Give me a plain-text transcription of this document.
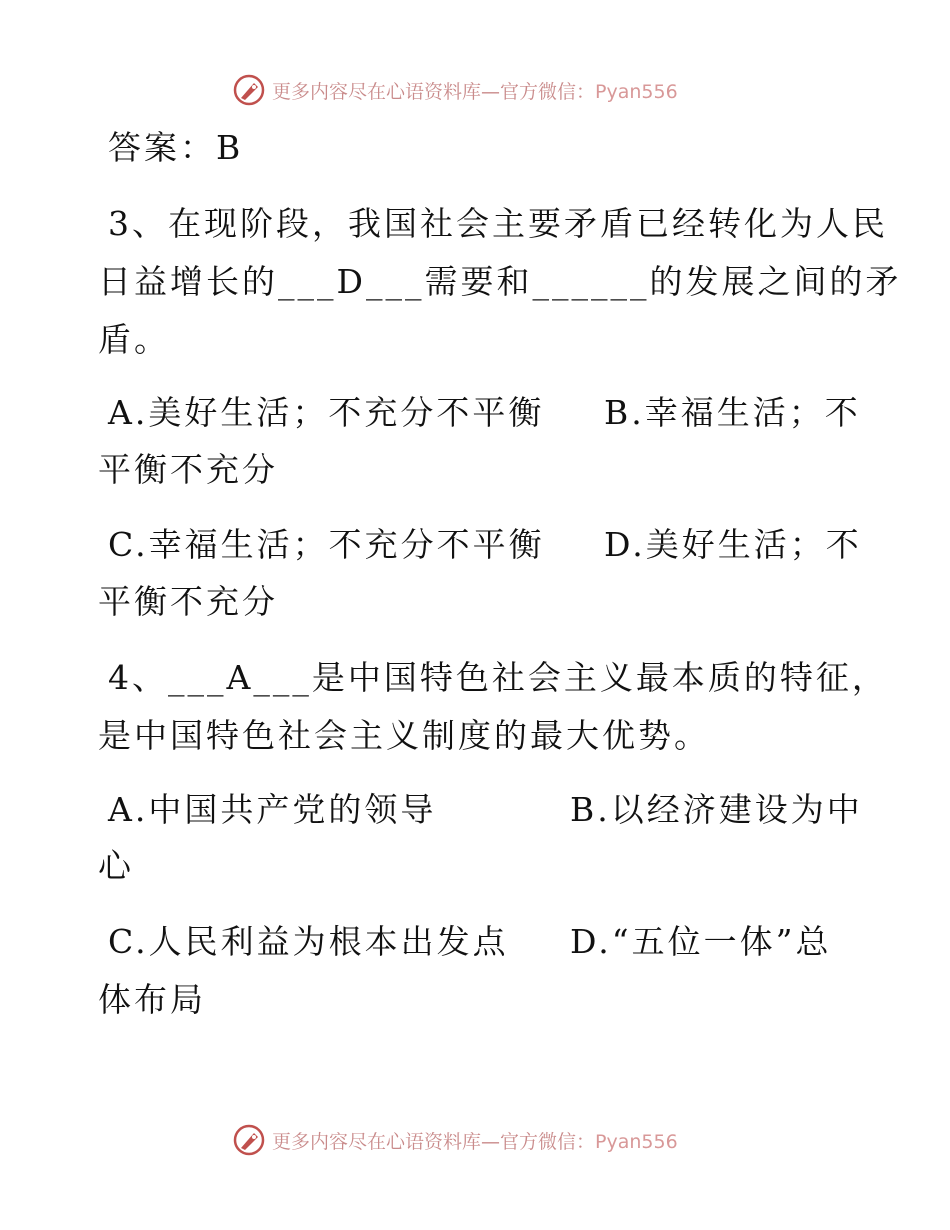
更多内容尽在心语资料库—官方微信：Pyan556
答案：B
3、在现阶段，我国社会主要矛盾已经转化为人民
日益增长的___D___需要和______的发展之间的矛
盾。
A.美好生活；不充分不平衡 B.幸福生活；不
平衡不充分
C.幸福生活；不充分不平衡 D.美好生活；不
平衡不充分
4、___A___是中国特色社会主义最本质的特征，
是中国特色社会主义制度的最大优势。
A.中国共产党的领导	B.以经济建设为中
心
C.人民利益为根本出发点 D.“五位一体”总
体布局
更多内容尽在心语资料库—官方微信：Pyan556
